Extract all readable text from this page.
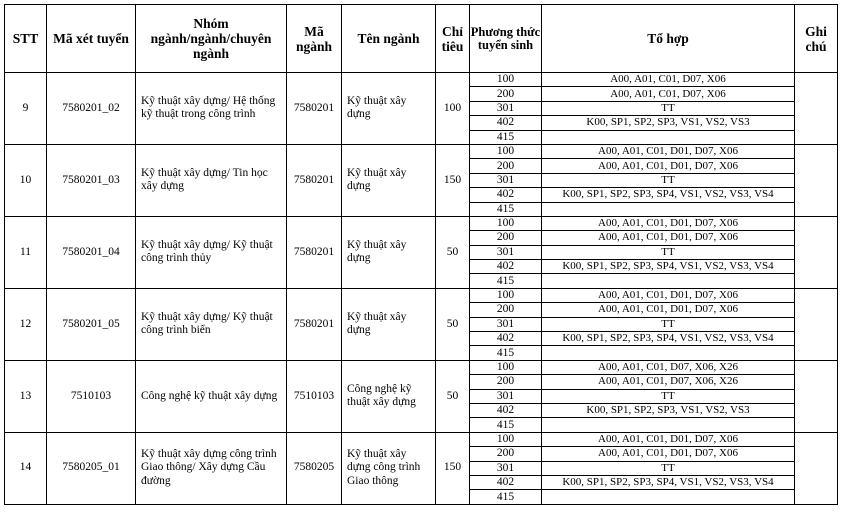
STT	Mã xét tuyển	Nhóm ngành/ngành/chuyên ngành	Mã ngành	Tên ngành	Chỉ tiêu	Phương thức tuyển sinh	Tổ hợp	Ghi chú
9	7580201_02	Kỹ thuật xây dựng/ Hệ thống kỹ thuật trong công trình	7580201	Kỹ thuật xây dựng	100	100	A00, A01, C01, D07, X06	
						200	A00, A01, C01, D07, X06	
						301	TT	
						402	K00, SP1, SP2, SP3, VS1, VS2, VS3	
						415		
10	7580201_03	Kỹ thuật xây dựng/ Tin học xây dựng	7580201	Kỹ thuật xây dựng	150	100	A00, A01, C01, D01, D07, X06	
						200	A00, A01, C01, D01, D07, X06	
						301	TT	
						402	K00, SP1, SP2, SP3, SP4, VS1, VS2, VS3, VS4	
						415		
11	7580201_04	Kỹ thuật xây dựng/ Kỹ thuật công trình thủy	7580201	Kỹ thuật xây dựng	50	100	A00, A01, C01, D01, D07, X06	
						200	A00, A01, C01, D01, D07, X06	
						301	TT	
						402	K00, SP1, SP2, SP3, SP4, VS1, VS2, VS3, VS4	
						415		
12	7580201_05	Kỹ thuật xây dựng/ Kỹ thuật công trình biển	7580201	Kỹ thuật xây dựng	50	100	A00, A01, C01, D01, D07, X06	
						200	A00, A01, C01, D01, D07, X06	
						301	TT	
						402	K00, SP1, SP2, SP3, SP4, VS1, VS2, VS3, VS4	
						415		
13	7510103	Công nghệ kỹ thuật xây dựng	7510103	Công nghệ kỹ thuật xây dựng	50	100	A00, A01, C01, D07, X06, X26	
						200	A00, A01, C01, D07, X06, X26	
						301	TT	
						402	K00, SP1, SP2, SP3, VS1, VS2, VS3	
						415		
14	7580205_01	Kỹ thuật xây dựng công trình Giao thông/ Xây dựng Cầu đường	7580205	Kỹ thuật xây dựng công trình Giao thông	150	100	A00, A01, C01, D01, D07, X06	
						200	A00, A01, C01, D01, D07, X06	
						301	TT	
						402	K00, SP1, SP2, SP3, SP4, VS1, VS2, VS3, VS4	
						415		
